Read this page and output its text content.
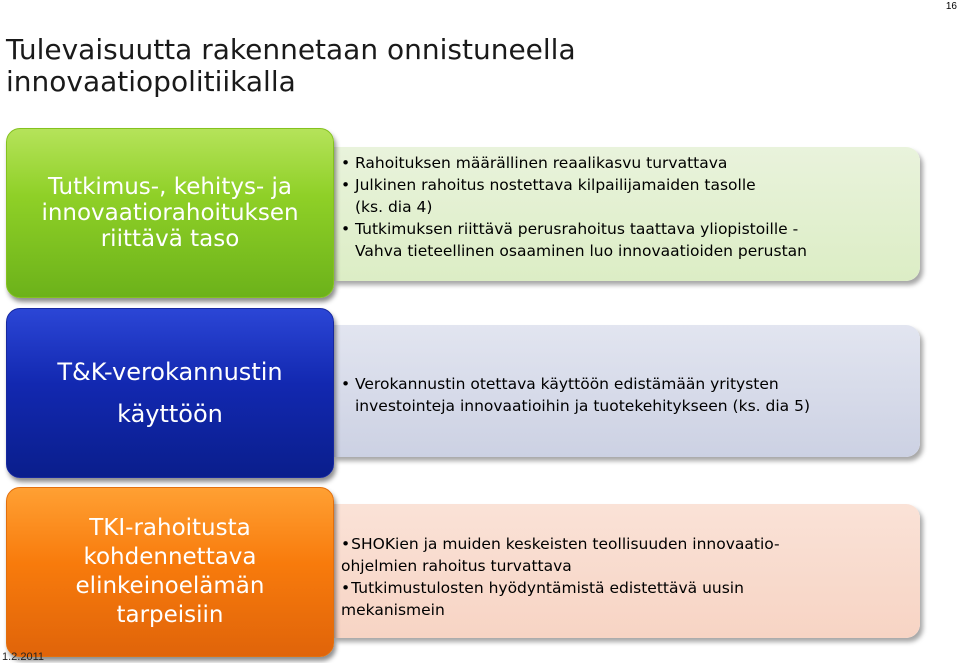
16
Tulevaisuutta rakennetaan onnistuneella
innovaatiopolitiikalla
• Rahoituksen määrällinen reaalikasvu turvattava
• Julkinen rahoitus nostettava kilpailijamaiden tasolle
(ks. dia 4)
• Tutkimuksen riittävä perusrahoitus taattava yliopistoille -
Vahva tieteellinen osaaminen luo innovaatioiden perustan
Tutkimus-, kehitys- ja
innovaatiorahoituksen
riittävä taso
• Verokannustin otettava käyttöön edistämään yritysten
investointeja innovaatioihin ja tuotekehitykseen (ks. dia 5)
T&K-verokannustin
käyttöön
•SHOKien ja muiden keskeisten teollisuuden innovaatio-
ohjelmien rahoitus turvattava
•Tutkimustulosten hyödyntämistä edistettävä uusin
mekanismein
TKI-rahoitusta
kohdennettava
elinkeinoelämän
tarpeisiin
1.2.2011
